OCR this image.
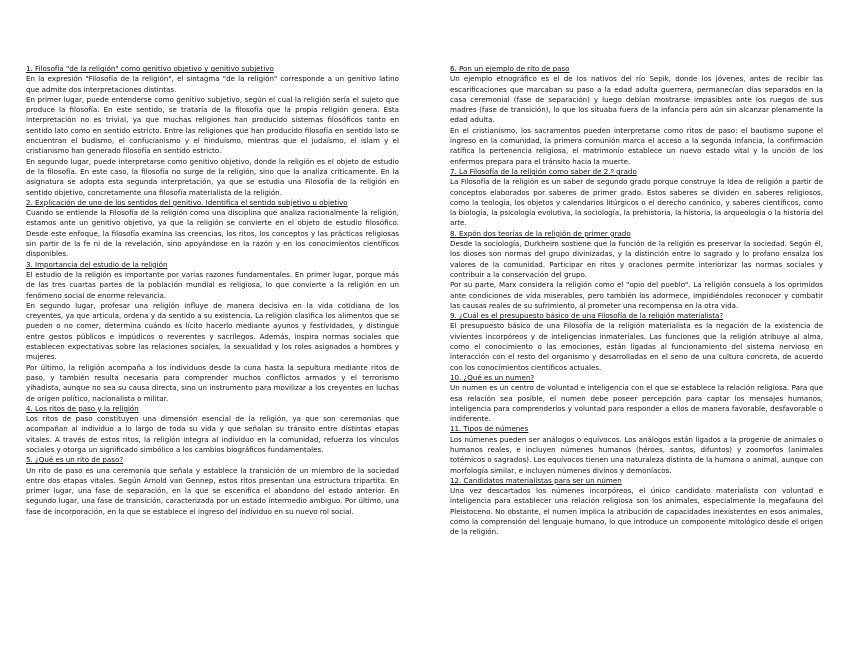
1. Filosofía "de la religión" como genitivo objetivo y genitivo subjetivo

En la expresión "Filosofía de la religión", el sintagma "de la religión" corresponde a un genitivo latino que admite dos interpretaciones distintas.

En primer lugar, puede entenderse como genitivo subjetivo, según el cual la religión sería el sujeto que produce la filosofía. En este sentido, se trataría de la filosofía que la propia religión genera. Esta interpretación no es trivial, ya que muchas religiones han producido sistemas filosóficos tanto en sentido lato como en sentido estricto. Entre las religiones que han producido filosofía en sentido lato se encuentran el budismo, el confucianismo y el hinduismo, mientras que el judaísmo, el islam y el cristianismo han generado filosofía en sentido estricto.

En segundo lugar, puede interpretarse como genitivo objetivo, donde la religión es el objeto de estudio de la filosofía. En este caso, la filosofía no surge de la religión, sino que la analiza críticamente. En la asignatura se adopta esta segunda interpretación, ya que se estudia una Filosofía de la religión en sentido objetivo, concretamente una filosofía materialista de la religión.

2. Explicación de uno de los sentidos del genitivo. Identifica el sentido subjetivo u objetivo

Cuando se entiende la Filosofía de la religión como una disciplina que analiza racionalmente la religión, estamos ante un genitivo objetivo, ya que la religión se convierte en el objeto de estudio filosófico. Desde este enfoque, la filosofía examina las creencias, los ritos, los conceptos y las prácticas religiosas sin partir de la fe ni de la revelación, sino apoyándose en la razón y en los conocimientos científicos disponibles.

3. Importancia del estudio de la religión

El estudio de la religión es importante por varias razones fundamentales. En primer lugar, porque más de las tres cuartas partes de la población mundial es religiosa, lo que convierte a la religión en un fenómeno social de enorme relevancia.

En segundo lugar, profesar una religión influye de manera decisiva en la vida cotidiana de los creyentes, ya que articula, ordena y da sentido a su existencia. La religión clasifica los alimentos que se pueden o no comer, determina cuándo es lícito hacerlo mediante ayunos y festividades, y distingue entre gestos públicos e impúdicos o reverentes y sacrílegos. Además, inspira normas sociales que establecen expectativas sobre las relaciones sociales, la sexualidad y los roles asignados a hombres y mujeres.

Por último, la religión acompaña a los individuos desde la cuna hasta la sepultura mediante ritos de paso, y también resulta necesaria para comprender muchos conflictos armados y el terrorismo yihadista, aunque no sea su causa directa, sino un instrumento para movilizar a los creyentes en luchas de origen político, nacionalista o militar.

4. Los ritos de paso y la religión

Los ritos de paso constituyen una dimensión esencial de la religión, ya que son ceremonias que acompañan al individuo a lo largo de toda su vida y que señalan su tránsito entre distintas etapas vitales. A través de estos ritos, la religión integra al individuo en la comunidad, refuerza los vínculos sociales y otorga un significado simbólico a los cambios biográficos fundamentales.

5. ¿Qué es un rito de paso?

Un rito de paso es una ceremonia que señala y establece la transición de un miembro de la sociedad entre dos etapas vitales. Según Arnold van Gennep, estos ritos presentan una estructura tripartita. En primer lugar, una fase de separación, en la que se escenifica el abandono del estado anterior. En segundo lugar, una fase de transición, caracterizada por un estado intermedio ambiguo. Por último, una fase de incorporación, en la que se establece el ingreso del individuo en su nuevo rol social.

6. Pon un ejemplo de rito de paso

Un ejemplo etnográfico es el de los nativos del río Sepik, donde los jóvenes, antes de recibir las escarificaciones que marcaban su paso a la edad adulta guerrera, permanecían días separados en la casa ceremonial (fase de separación) y luego debían mostrarse impasibles ante los ruegos de sus madres (fase de transición), lo que los situaba fuera de la infancia pero aún sin alcanzar plenamente la edad adulta.

En el cristianismo, los sacramentos pueden interpretarse como ritos de paso: el bautismo supone el ingreso en la comunidad, la primera comunión marca el acceso a la segunda infancia, la confirmación ratifica la pertenencia religiosa, el matrimonio establece un nuevo estado vital y la unción de los enfermos prepara para el tránsito hacia la muerte.

7. La Filosofía de la religión como saber de 2.º grado

La Filosofía de la religión es un saber de segundo grado porque construye la Idea de religión a partir de conceptos elaborados por saberes de primer grado. Estos saberes se dividen en saberes religiosos, como la teología, los objetos y calendarios litúrgicos o el derecho canónico, y saberes científicos, como la biología, la psicología evolutiva, la sociología, la prehistoria, la historia, la arqueología o la historia del arte.

8. Expón dos teorías de la religión de primer grado

Desde la sociología, Durkheim sostiene que la función de la religión es preservar la sociedad. Según él, los dioses son normas del grupo divinizadas, y la distinción entre lo sagrado y lo profano ensalza los valores de la comunidad. Participar en ritos y oraciones permite interiorizar las normas sociales y contribuir a la conservación del grupo.

Por su parte, Marx considera la religión como el "opio del pueblo". La religión consuela a los oprimidos ante condiciones de vida miserables, pero también los adormece, impidiéndoles reconocer y combatir las causas reales de su sufrimiento, al prometer una recompensa en la otra vida.

9. ¿Cuál es el presupuesto básico de una Filosofía de la religión materialista?

El presupuesto básico de una Filosofía de la religión materialista es la negación de la existencia de vivientes incorpóreos y de inteligencias inmateriales. Las funciones que la religión atribuye al alma, como el conocimiento o las emociones, están ligadas al funcionamiento del sistema nervioso en interacción con el resto del organismo y desarrolladas en el seno de una cultura concreta, de acuerdo con los conocimientos científicos actuales.

10. ¿Qué es un numen?

Un numen es un centro de voluntad e inteligencia con el que se establece la relación religiosa. Para que esa relación sea posible, el numen debe poseer percepción para captar los mensajes humanos, inteligencia para comprenderlos y voluntad para responder a ellos de manera favorable, desfavorable o indiferente.

11. Tipos de númenes

Los númenes pueden ser análogos o equívocos. Los análogos están ligados a la progenie de animales o humanos reales, e incluyen númenes humanos (héroes, santos, difuntos) y zoomorfos (animales totémicos o sagrados). Los equívocos tienen una naturaleza distinta de la humana o animal, aunque con morfología similar, e incluyen númenes divinos y demoníacos.

12. Candidatos materialistas para ser un númen

Una vez descartados los númenes incorpóreos, el único candidato materialista con voluntad e inteligencia para establecer una relación religiosa son los animales, especialmente la megafauna del Pleistoceno. No obstante, el numen implica la atribución de capacidades inexistentes en esos animales, como la comprensión del lenguaje humano, lo que introduce un componente mitológico desde el origen de la religión.
